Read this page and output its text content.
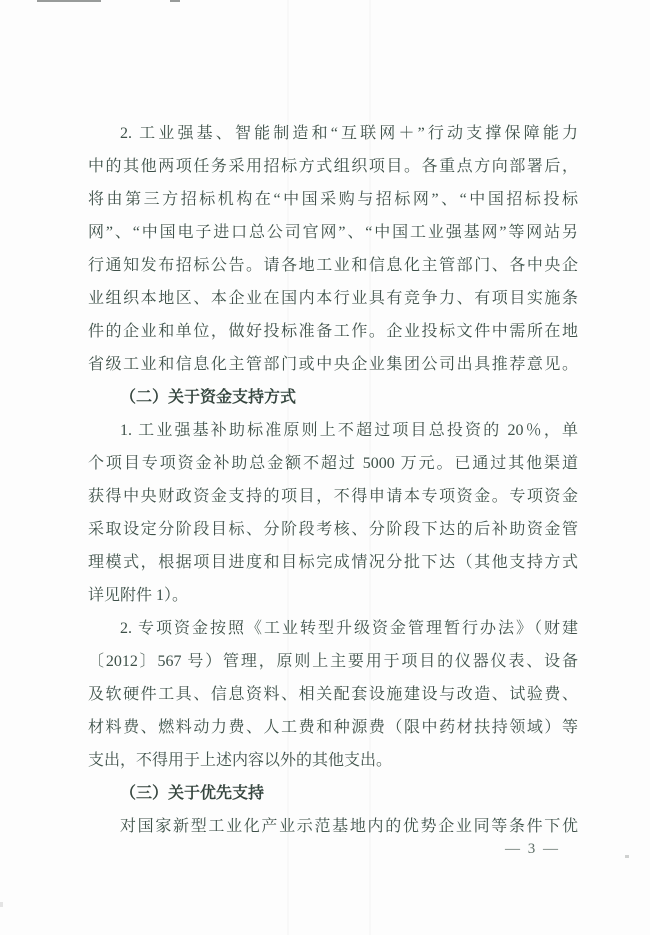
2. 工业强基、智能制造和“互联网＋”行动支撑保障能力
中的其他两项任务采用招标方式组织项目。各重点方向部署后，
将由第三方招标机构在“中国采购与招标网”、“中国招标投标
网”、“中国电子进口总公司官网”、“中国工业强基网”等网站另
行通知发布招标公告。请各地工业和信息化主管部门、各中央企
业组织本地区、本企业在国内本行业具有竞争力、有项目实施条
件的企业和单位，做好投标准备工作。企业投标文件中需所在地
省级工业和信息化主管部门或中央企业集团公司出具推荐意见。
（二）关于资金支持方式
1. 工业强基补助标准原则上不超过项目总投资的 20％，单
个项目专项资金补助总金额不超过 5000 万元。已通过其他渠道
获得中央财政资金支持的项目，不得申请本专项资金。专项资金
采取设定分阶段目标、分阶段考核、分阶段下达的后补助资金管
理模式，根据项目进度和目标完成情况分批下达（其他支持方式
详见附件 1）。
2. 专项资金按照《工业转型升级资金管理暂行办法》（财建
〔2012〕567 号）管理，原则上主要用于项目的仪器仪表、设备
及软硬件工具、信息资料、相关配套设施建设与改造、试验费、
材料费、燃料动力费、人工费和种源费（限中药材扶持领域）等
支出，不得用于上述内容以外的其他支出。
（三）关于优先支持
对国家新型工业化产业示范基地内的优势企业同等条件下优
— 3 —
